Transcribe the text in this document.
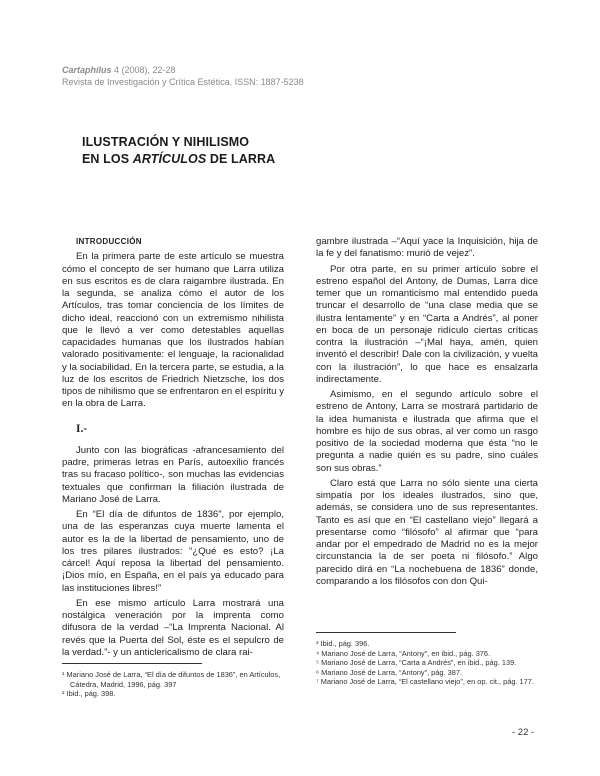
Cartaphilus 4 (2008), 22-28
Revista de Investigación y Crítica Estética. ISSN: 1887-5238
ILUSTRACIÓN Y NIHILISMO
EN LOS ARTÍCULOS DE LARRA

INTRODUCCIÓN

En la primera parte de este artículo se muestra cómo el concepto de ser humano que Larra utiliza en sus escritos es de clara raigambre ilustrada. En la segunda, se analiza cómo el autor de los Artículos, tras tomar conciencia de los límites de dicho ideal, reaccionó con un extremismo nihilista que le llevó a ver como detestables aquellas capacidades humanas que los ilustrados habían valorado positivamente: el lenguaje, la racionalidad y la sociabilidad. En la tercera parte, se estudia, a la luz de los escritos de Friedrich Nietzsche, los dos tipos de nihilismo que se enfrentaron en el espíritu y en la obra de Larra.

I.-

Junto con las biográficas -afrancesamiento del padre, primeras letras en París, autoexilio francés tras su fracaso político-, son muchas las evidencias textuales que confirman la filiación ilustrada de Mariano José de Larra.

En “El día de difuntos de 1836”, por ejemplo, una de las esperanzas cuya muerte lamenta el autor es la de la libertad de pensamiento, uno de los tres pilares ilustrados: “¿Qué es esto? ¡La cárcel! Aquí reposa la libertad del pensamiento. ¡Dios mío, en España, en el país ya educado para las instituciones libres!”

En ese mismo artículo Larra mostrará una nostálgica veneración por la imprenta como difusora de la verdad –“La Imprenta Nacional. Al revés que la Puerta del Sol, éste es el sepulcro de la verdad.”- y un anticlericalismo de clara rai-

gambre ilustrada –“Aquí yace la Inquisición, hija de la fe y del fanatismo: murió de vejez”.

Por otra parte, en su primer artículo sobre el estreno español del Antony, de Dumas, Larra dice temer que un romanticismo mal entendido pueda truncar el desarrollo de “una clase media que se ilustra lentamente” y en “Carta a Andrés”, al poner en boca de un personaje ridículo ciertas críticas contra la ilustración –“¡Mal haya, amén, quien inventó el describir! Dale con la civilización, y vuelta con la ilustración”, lo que hace es ensalzarla indirectamente.

Asimismo, en el segundo artículo sobre el estreno de Antony, Larra se mostrará partidario de la idea humanista e ilustrada que afirma que el hombre es hijo de sus obras, al ver como un rasgo positivo de la sociedad moderna que ésta “no le pregunta a nadie quién es su padre, sino cuáles son sus obras.”

Claro está que Larra no sólo siente una cierta simpatía por los ideales ilustrados, sino que, además, se considera uno de sus representantes. Tanto es así que en “El castellano viejo” llegará a presentarse como “filósofo” al afirmar que “para andar por el empedrado de Madrid no es la mejor circunstancia la de ser poeta ni filósofo.” Algo parecido dirá en “La nochebuena de 1836” donde, comparando a los filósofos con don Qui-

¹ Mariano José de Larra, “El día de difuntos de 1836”, en Artículos, Cátedra, Madrid, 1996, pág. 397

² Ibid., pág. 398.

³ Ibid., pág. 396.

⁴ Mariano José de Larra, “Antony”, en ibid., pág. 376.

⁵ Mariano José de Larra, “Carta a Andrés”, en ibid., pág. 139.

⁶ Mariano José de Larra, “Antony”, pág. 387.

⁷ Mariano José de Larra, “El castellano viejo”, en op. cit., pág. 177.

- 22 -
